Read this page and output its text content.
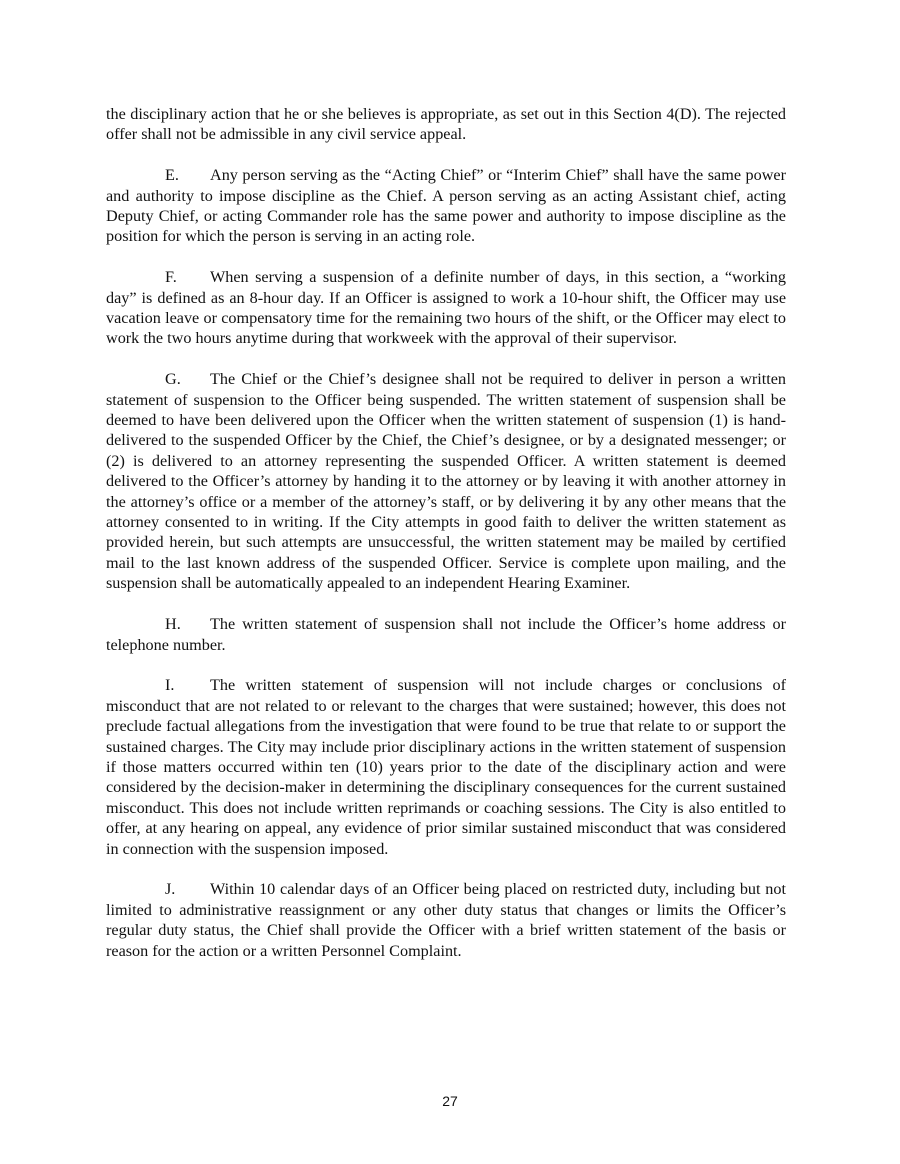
the disciplinary action that he or she believes is appropriate, as set out in this Section 4(D). The rejected offer shall not be admissible in any civil service appeal.

E. Any person serving as the “Acting Chief” or “Interim Chief” shall have the same power and authority to impose discipline as the Chief. A person serving as an acting Assistant chief, acting Deputy Chief, or acting Commander role has the same power and authority to impose discipline as the position for which the person is serving in an acting role.

F. When serving a suspension of a definite number of days, in this section, a “working day” is defined as an 8-hour day. If an Officer is assigned to work a 10-hour shift, the Officer may use vacation leave or compensatory time for the remaining two hours of the shift, or the Officer may elect to work the two hours anytime during that workweek with the approval of their supervisor.

G. The Chief or the Chief’s designee shall not be required to deliver in person a written statement of suspension to the Officer being suspended. The written statement of suspension shall be deemed to have been delivered upon the Officer when the written statement of suspension (1) is hand-delivered to the suspended Officer by the Chief, the Chief’s designee, or by a designated messenger; or (2) is delivered to an attorney representing the suspended Officer. A written statement is deemed delivered to the Officer’s attorney by handing it to the attorney or by leaving it with another attorney in the attorney’s office or a member of the attorney’s staff, or by delivering it by any other means that the attorney consented to in writing. If the City attempts in good faith to deliver the written statement as provided herein, but such attempts are unsuccessful, the written statement may be mailed by certified mail to the last known address of the suspended Officer. Service is complete upon mailing, and the suspension shall be automatically appealed to an independent Hearing Examiner.

H. The written statement of suspension shall not include the Officer’s home address or telephone number.

I. The written statement of suspension will not include charges or conclusions of misconduct that are not related to or relevant to the charges that were sustained; however, this does not preclude factual allegations from the investigation that were found to be true that relate to or support the sustained charges. The City may include prior disciplinary actions in the written statement of suspension if those matters occurred within ten (10) years prior to the date of the disciplinary action and were considered by the decision-maker in determining the disciplinary consequences for the current sustained misconduct. This does not include written reprimands or coaching sessions. The City is also entitled to offer, at any hearing on appeal, any evidence of prior similar sustained misconduct that was considered in connection with the suspension imposed.

J. Within 10 calendar days of an Officer being placed on restricted duty, including but not limited to administrative reassignment or any other duty status that changes or limits the Officer’s regular duty status, the Chief shall provide the Officer with a brief written statement of the basis or reason for the action or a written Personnel Complaint.

27
